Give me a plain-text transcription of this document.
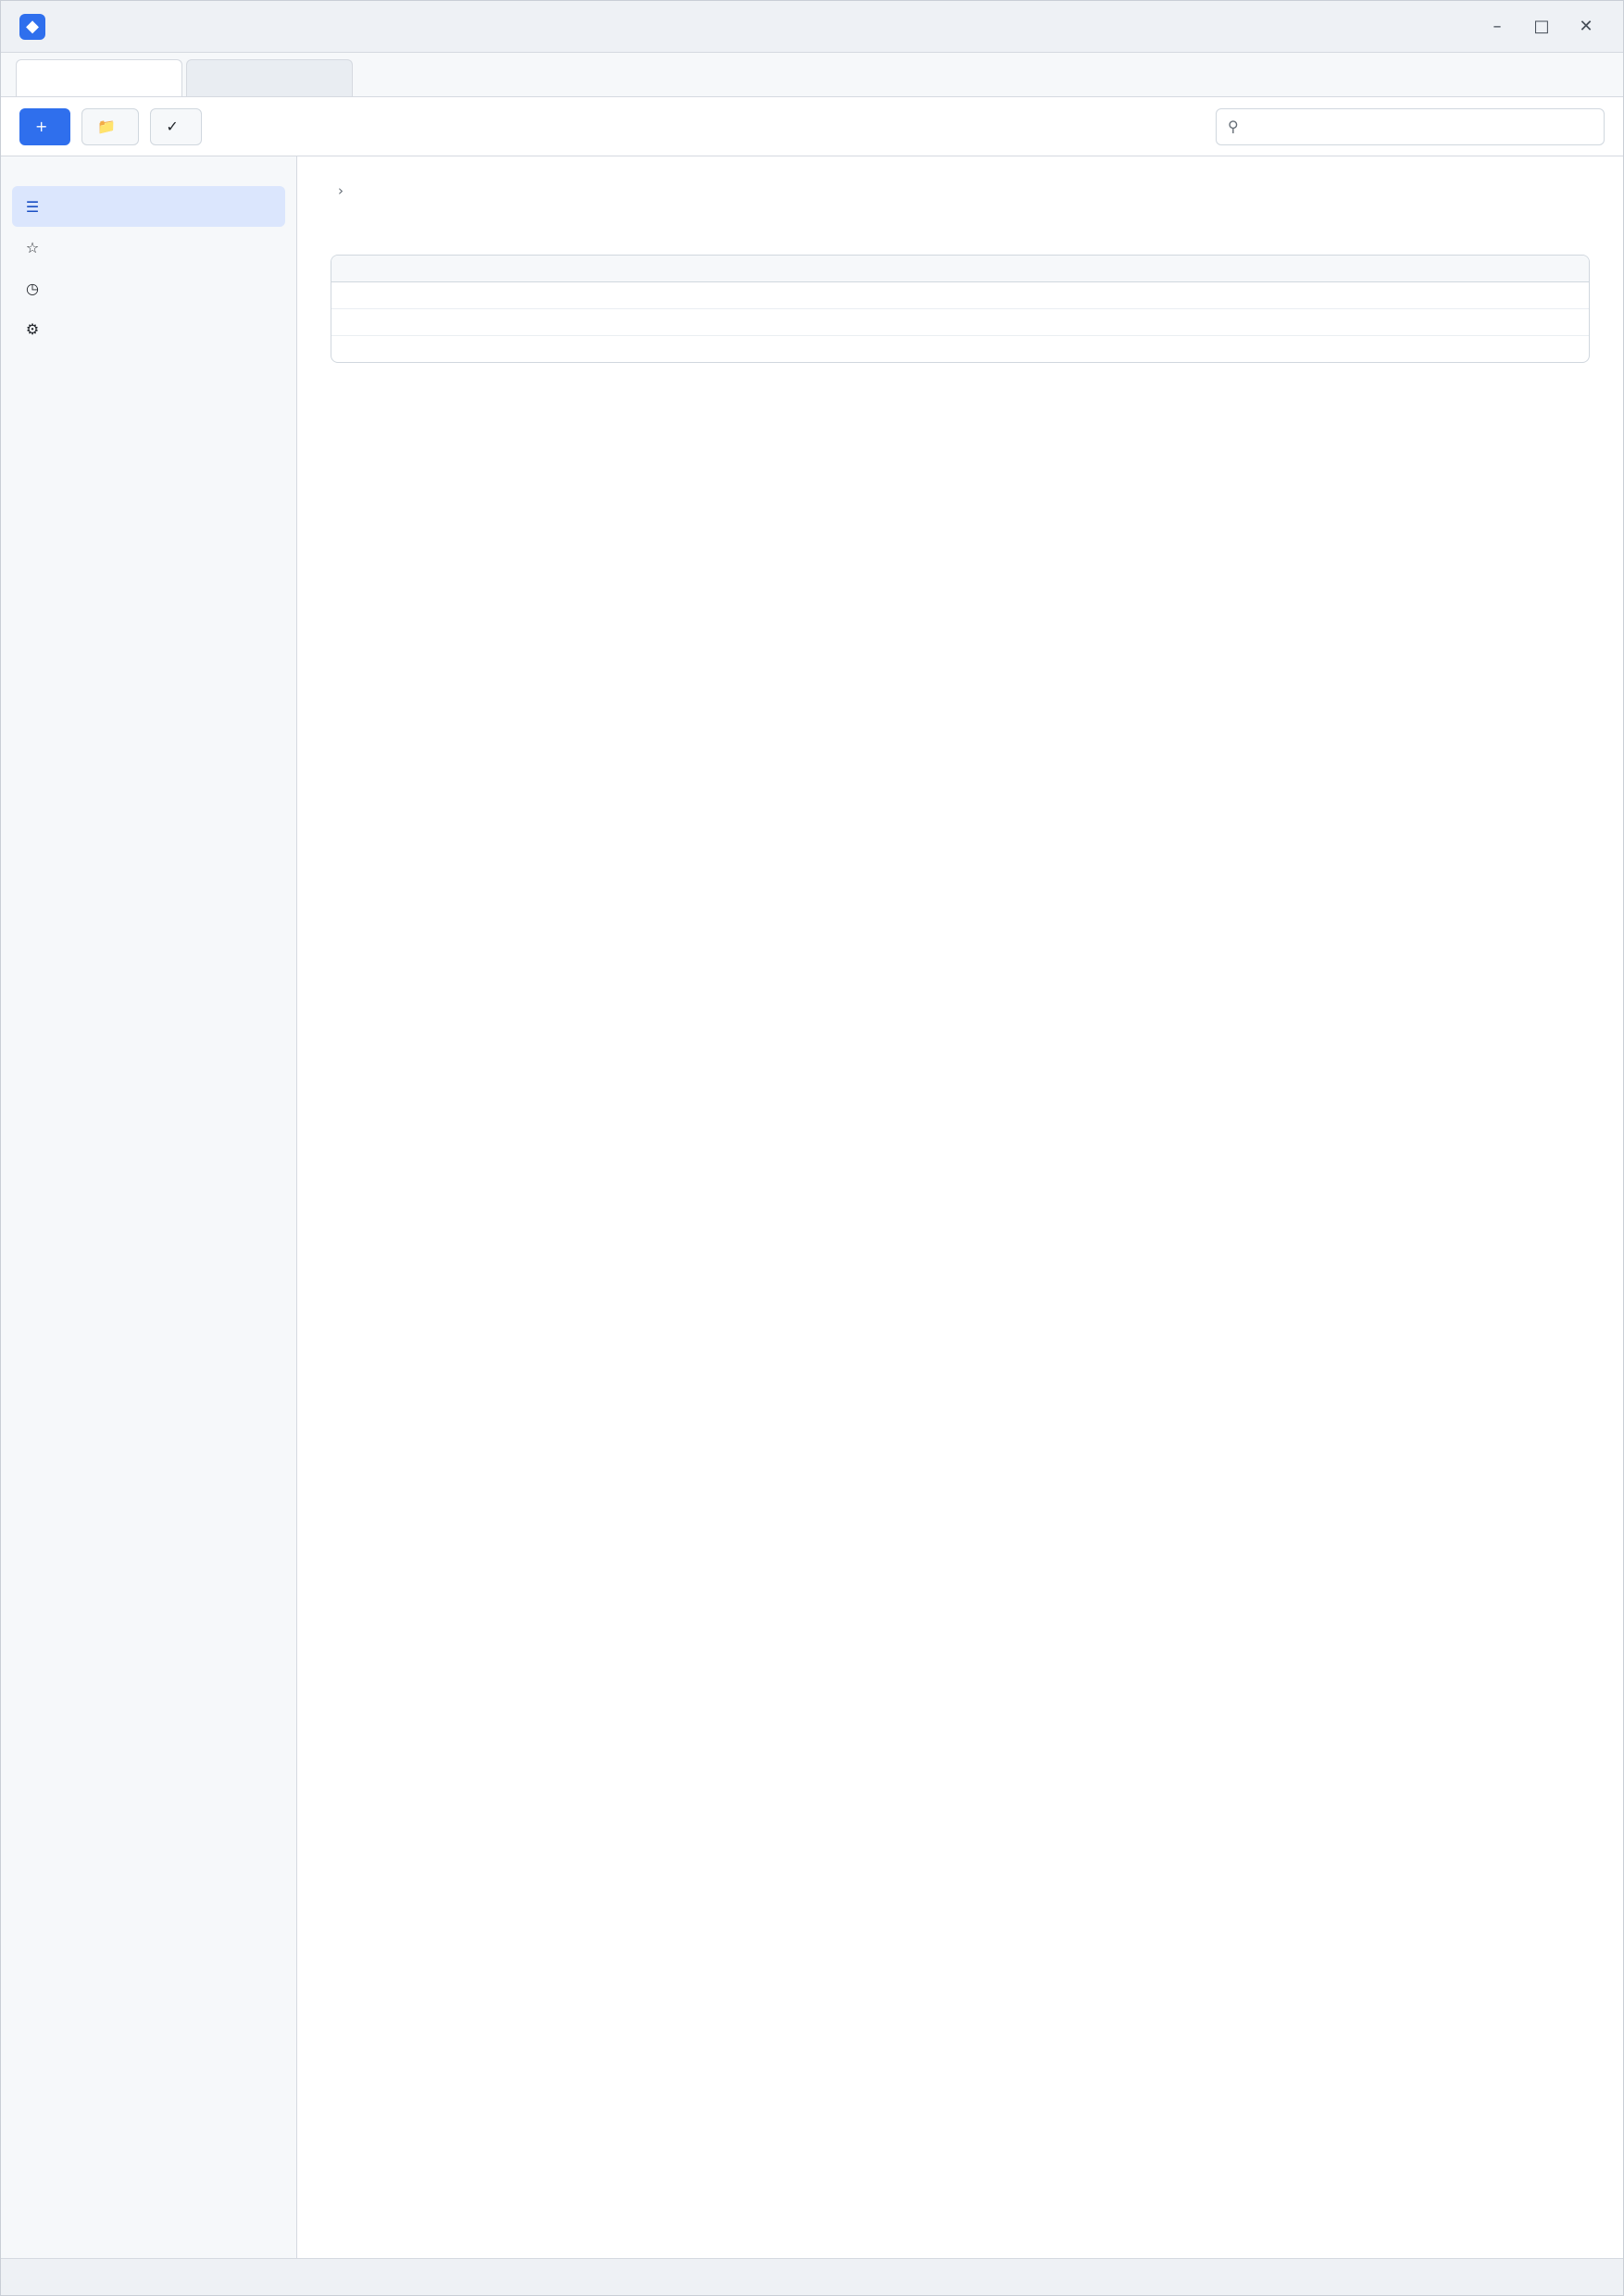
◆	–	□	✕
+	📁	✓	⚲
☰
☆
◷
⚙
›
